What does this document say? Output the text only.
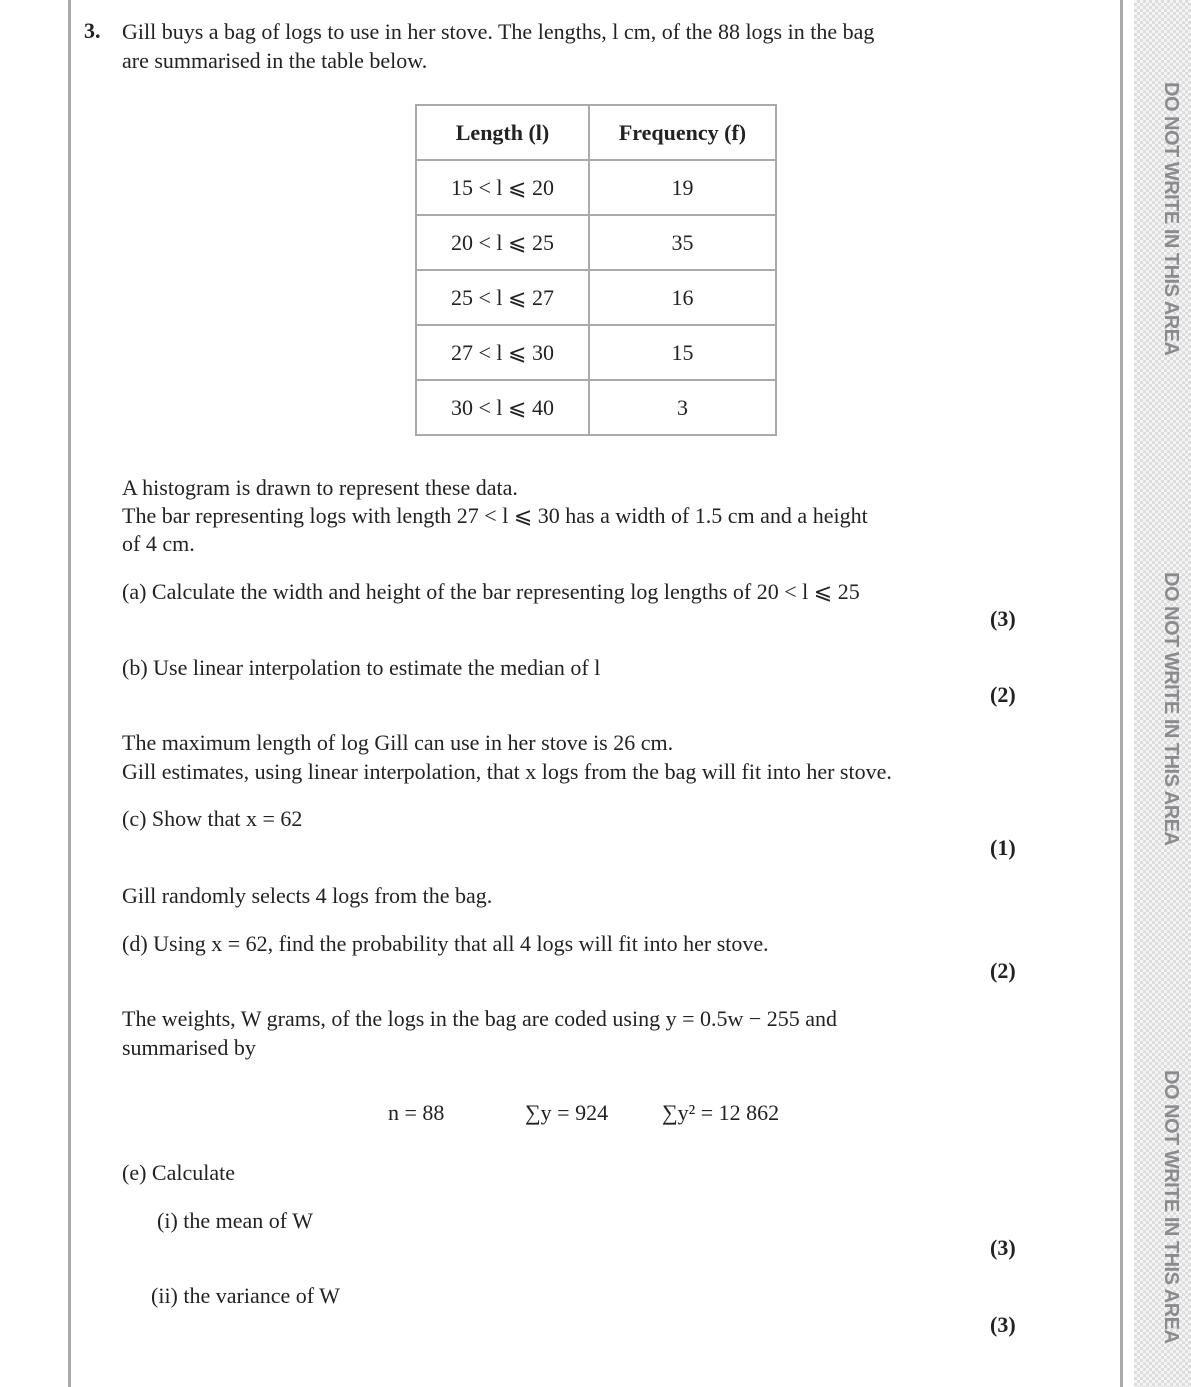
DO NOT WRITE IN THIS AREA
DO NOT WRITE IN THIS AREA
DO NOT WRITE IN THIS AREA
3. Gill buys a bag of logs to use in her stove. The lengths, l cm, of the 88 logs in the bag
are summarised in the table below.
Length (l)	Frequency (f)
15 < l ⩽ 20	19
20 < l ⩽ 25	35
25 < l ⩽ 27	16
27 < l ⩽ 30	15
30 < l ⩽ 40	3
A histogram is drawn to represent these data.
The bar representing logs with length 27 < l ⩽ 30 has a width of 1.5 cm and a height
of 4 cm.
(a) Calculate the width and height of the bar representing log lengths of 20 < l ⩽ 25
(3)
(b) Use linear interpolation to estimate the median of l
(2)
The maximum length of log Gill can use in her stove is 26 cm.
Gill estimates, using linear interpolation, that x logs from the bag will fit into her stove.
(c) Show that x = 62
(1)
Gill randomly selects 4 logs from the bag.
(d) Using x = 62, find the probability that all 4 logs will fit into her stove.
(2)
The weights, W grams, of the logs in the bag are coded using y = 0.5w − 255 and
summarised by
n = 88	∑y = 924 ∑y² = 12 862
(e) Calculate
(i) the mean of W
(3)
(ii) the variance of W
(3)
